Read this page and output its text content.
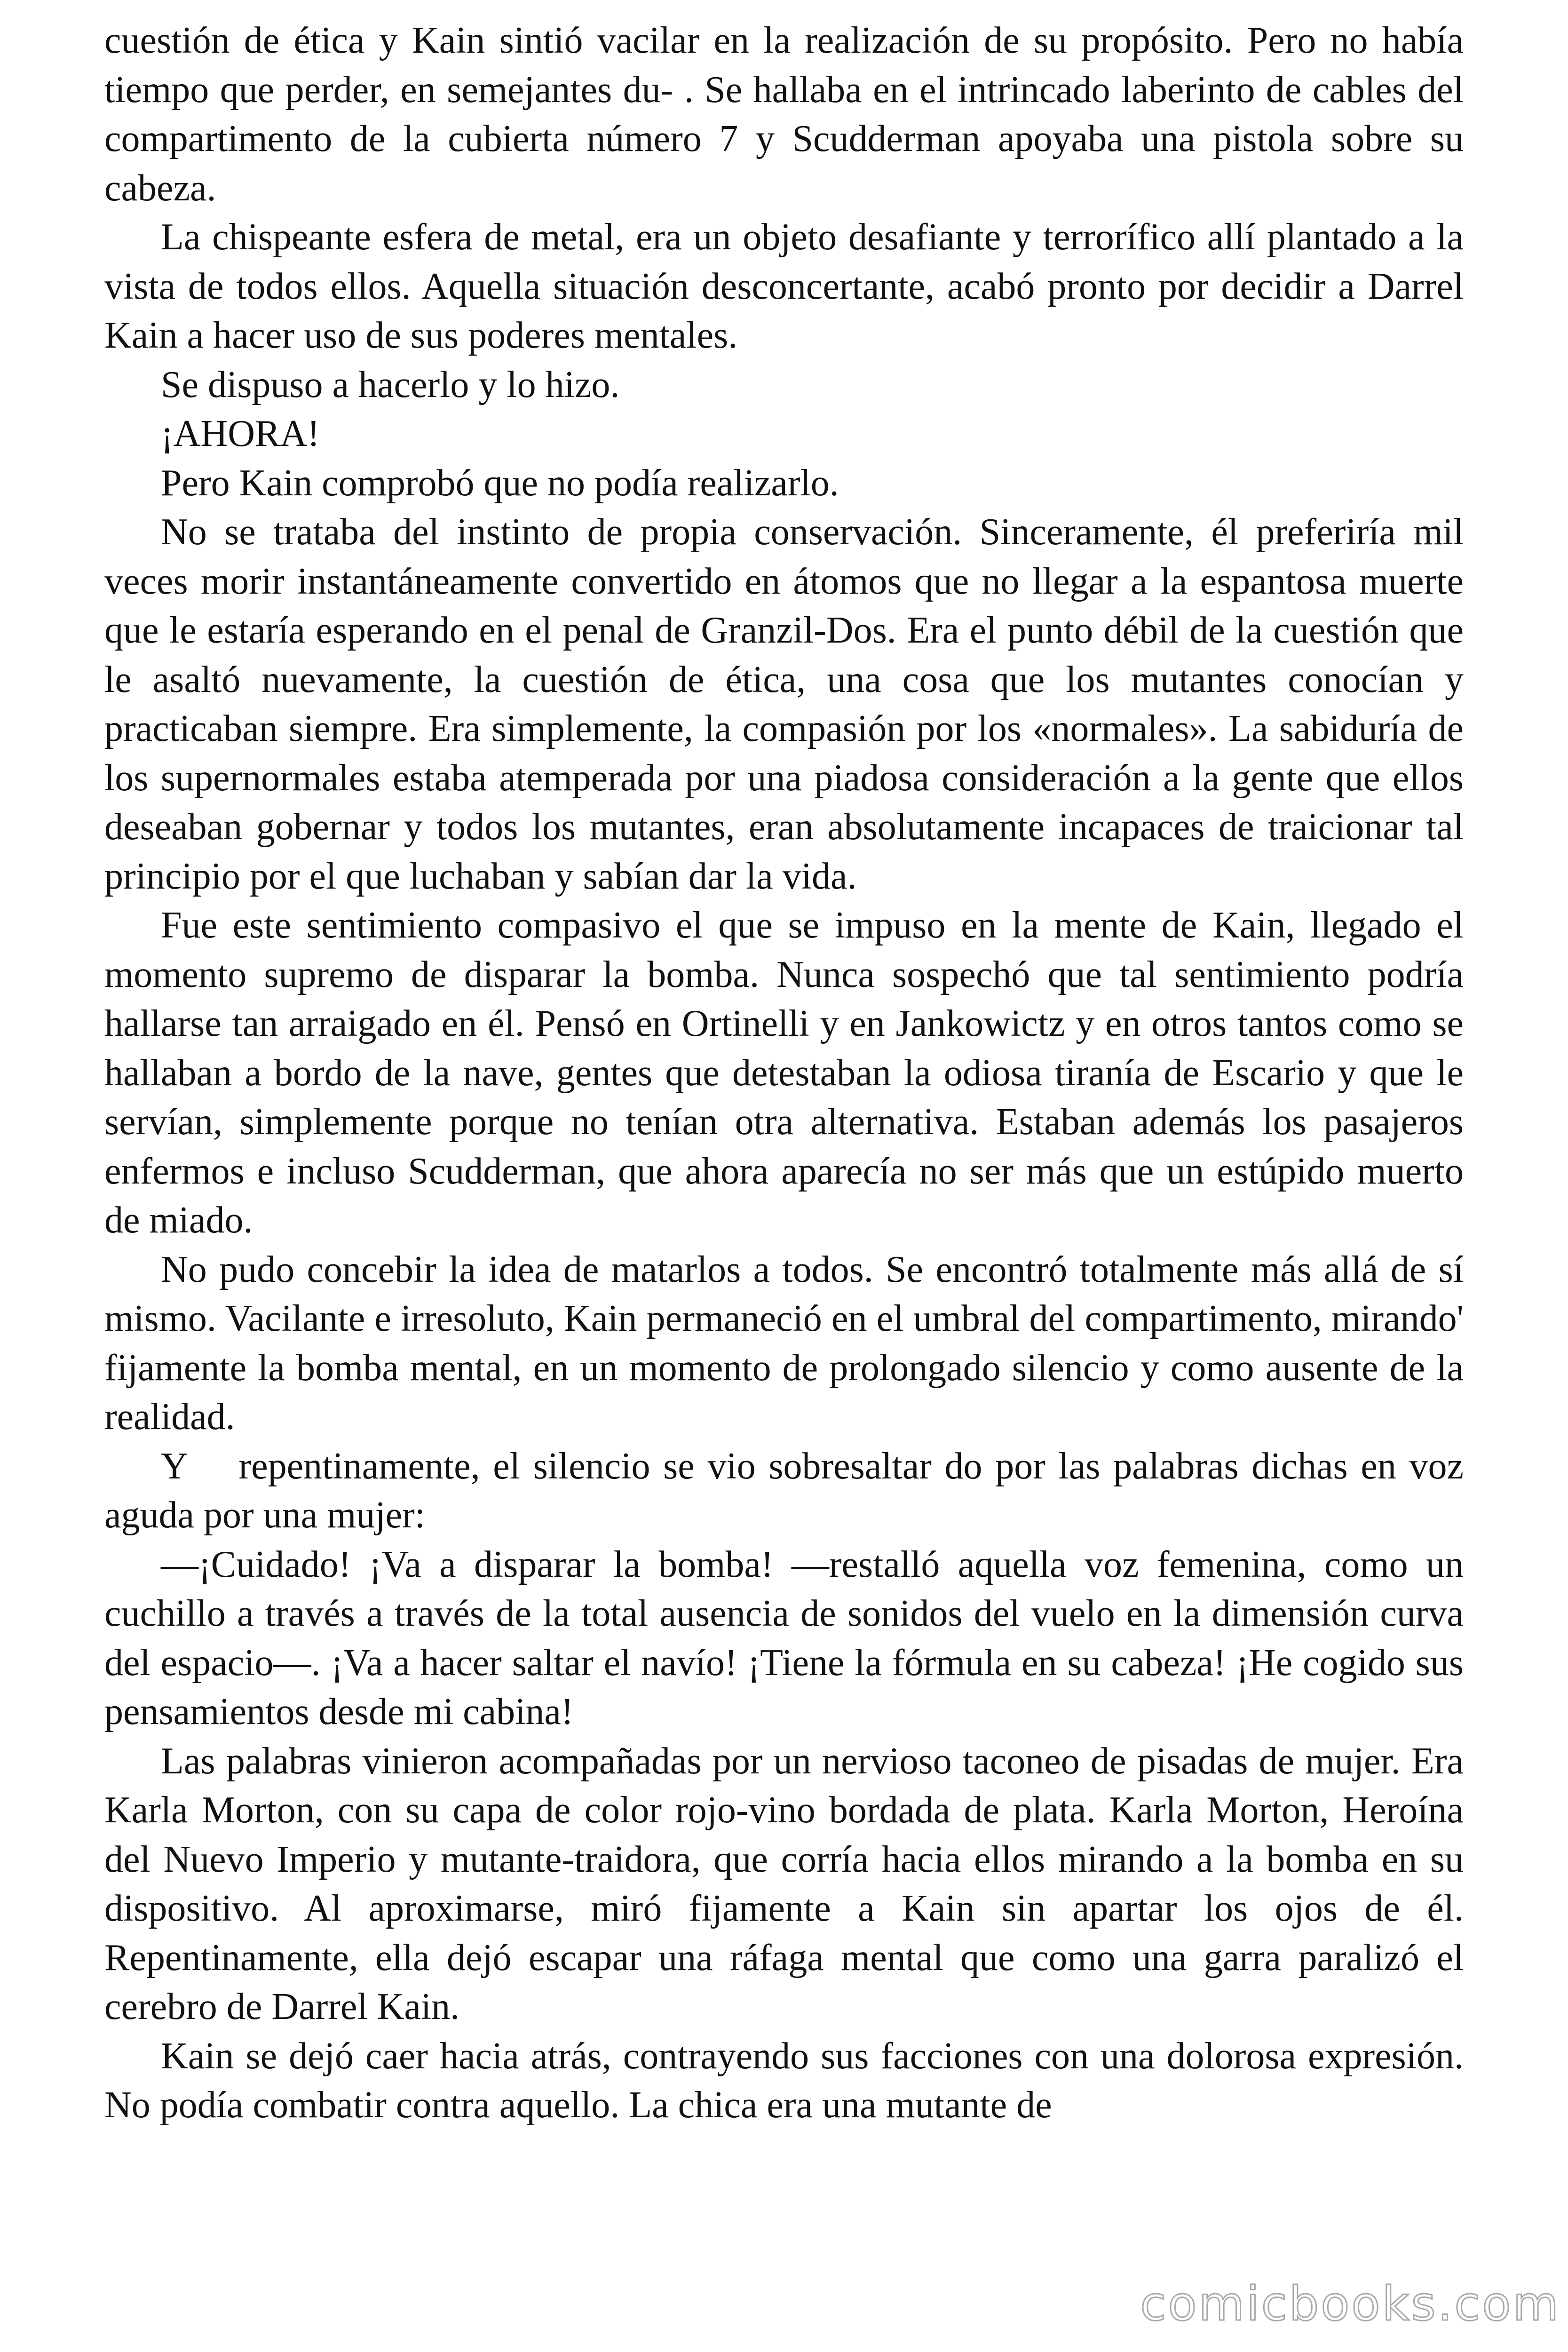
cuestión de ética y Kain sintió vacilar en la realización de su propósito. Pero no había tiempo que perder, en semejantes du- . Se hallaba en el intrincado laberinto de cables del compartimento de la cubierta número 7 y Scudderman apoyaba una pistola sobre su cabeza.

La chispeante esfera de metal, era un objeto desafiante y terrorífico allí plantado a la vista de todos ellos. Aquella situación desconcertante, acabó pronto por decidir a Darrel Kain a hacer uso de sus poderes mentales.

Se dispuso a hacerlo y lo hizo.

¡AHORA!

Pero Kain comprobó que no podía realizarlo.

No se trataba del instinto de propia conservación. Sinceramente, él preferiría mil veces morir instantáneamente convertido en átomos que no llegar a la espantosa muerte que le estaría esperando en el penal de Granzil-Dos. Era el punto débil de la cuestión que le asaltó nuevamente, la cuestión de ética, una cosa que los mutantes conocían y practicaban siempre. Era simplemente, la compasión por los «normales». La sabiduría de los supernormales estaba atemperada por una piadosa consideración a la gente que ellos deseaban gobernar y todos los mutantes, eran absolutamente incapaces de traicionar tal principio por el que luchaban y sabían dar la vida.

Fue este sentimiento compasivo el que se impuso en la mente de Kain, llegado el momento supremo de disparar la bomba. Nunca sospechó que tal sentimiento podría hallarse tan arraigado en él. Pensó en Ortinelli y en Jankowictz y en otros tantos como se hallaban a bordo de la nave, gentes que detestaban la odiosa tiranía de Escario y que le servían, simplemente porque no tenían otra alternativa. Estaban además los pasajeros enfermos e incluso Scudderman, que ahora aparecía no ser más que un estúpido muerto de miado.

No pudo concebir la idea de matarlos a todos. Se encontró totalmente más allá de sí mismo. Vacilante e irresoluto, Kain permaneció en el umbral del compartimento, mirando' fijamente la bomba mental, en un momento de prolongado silencio y como ausente de la realidad.

Y    repentinamente, el silencio se vio sobresaltar do por las palabras dichas en voz aguda por una mujer:

—¡Cuidado! ¡Va a disparar la bomba! —restalló aquella voz femenina, como un cuchillo a través a través de la total ausencia de sonidos del vuelo en la dimensión curva del espacio—. ¡Va a hacer saltar el navío! ¡Tiene la fórmula en su cabeza! ¡He cogido sus pensamientos desde mi cabina!

Las palabras vinieron acompañadas por un nervioso taconeo de pisadas de mujer. Era Karla Morton, con su capa de color rojo-vino bordada de plata. Karla Morton, Heroína del Nuevo Imperio y mutante-traidora, que corría hacia ellos mirando a la bomba en su dispositivo. Al aproximarse, miró fijamente a Kain sin apartar los ojos de él. Repentinamente, ella dejó escapar una ráfaga mental que como una garra paralizó el cerebro de Darrel Kain.

Kain se dejó caer hacia atrás, contrayendo sus facciones con una dolorosa expresión. No podía combatir contra aquello. La chica era una mutante de

comicbooks.com
